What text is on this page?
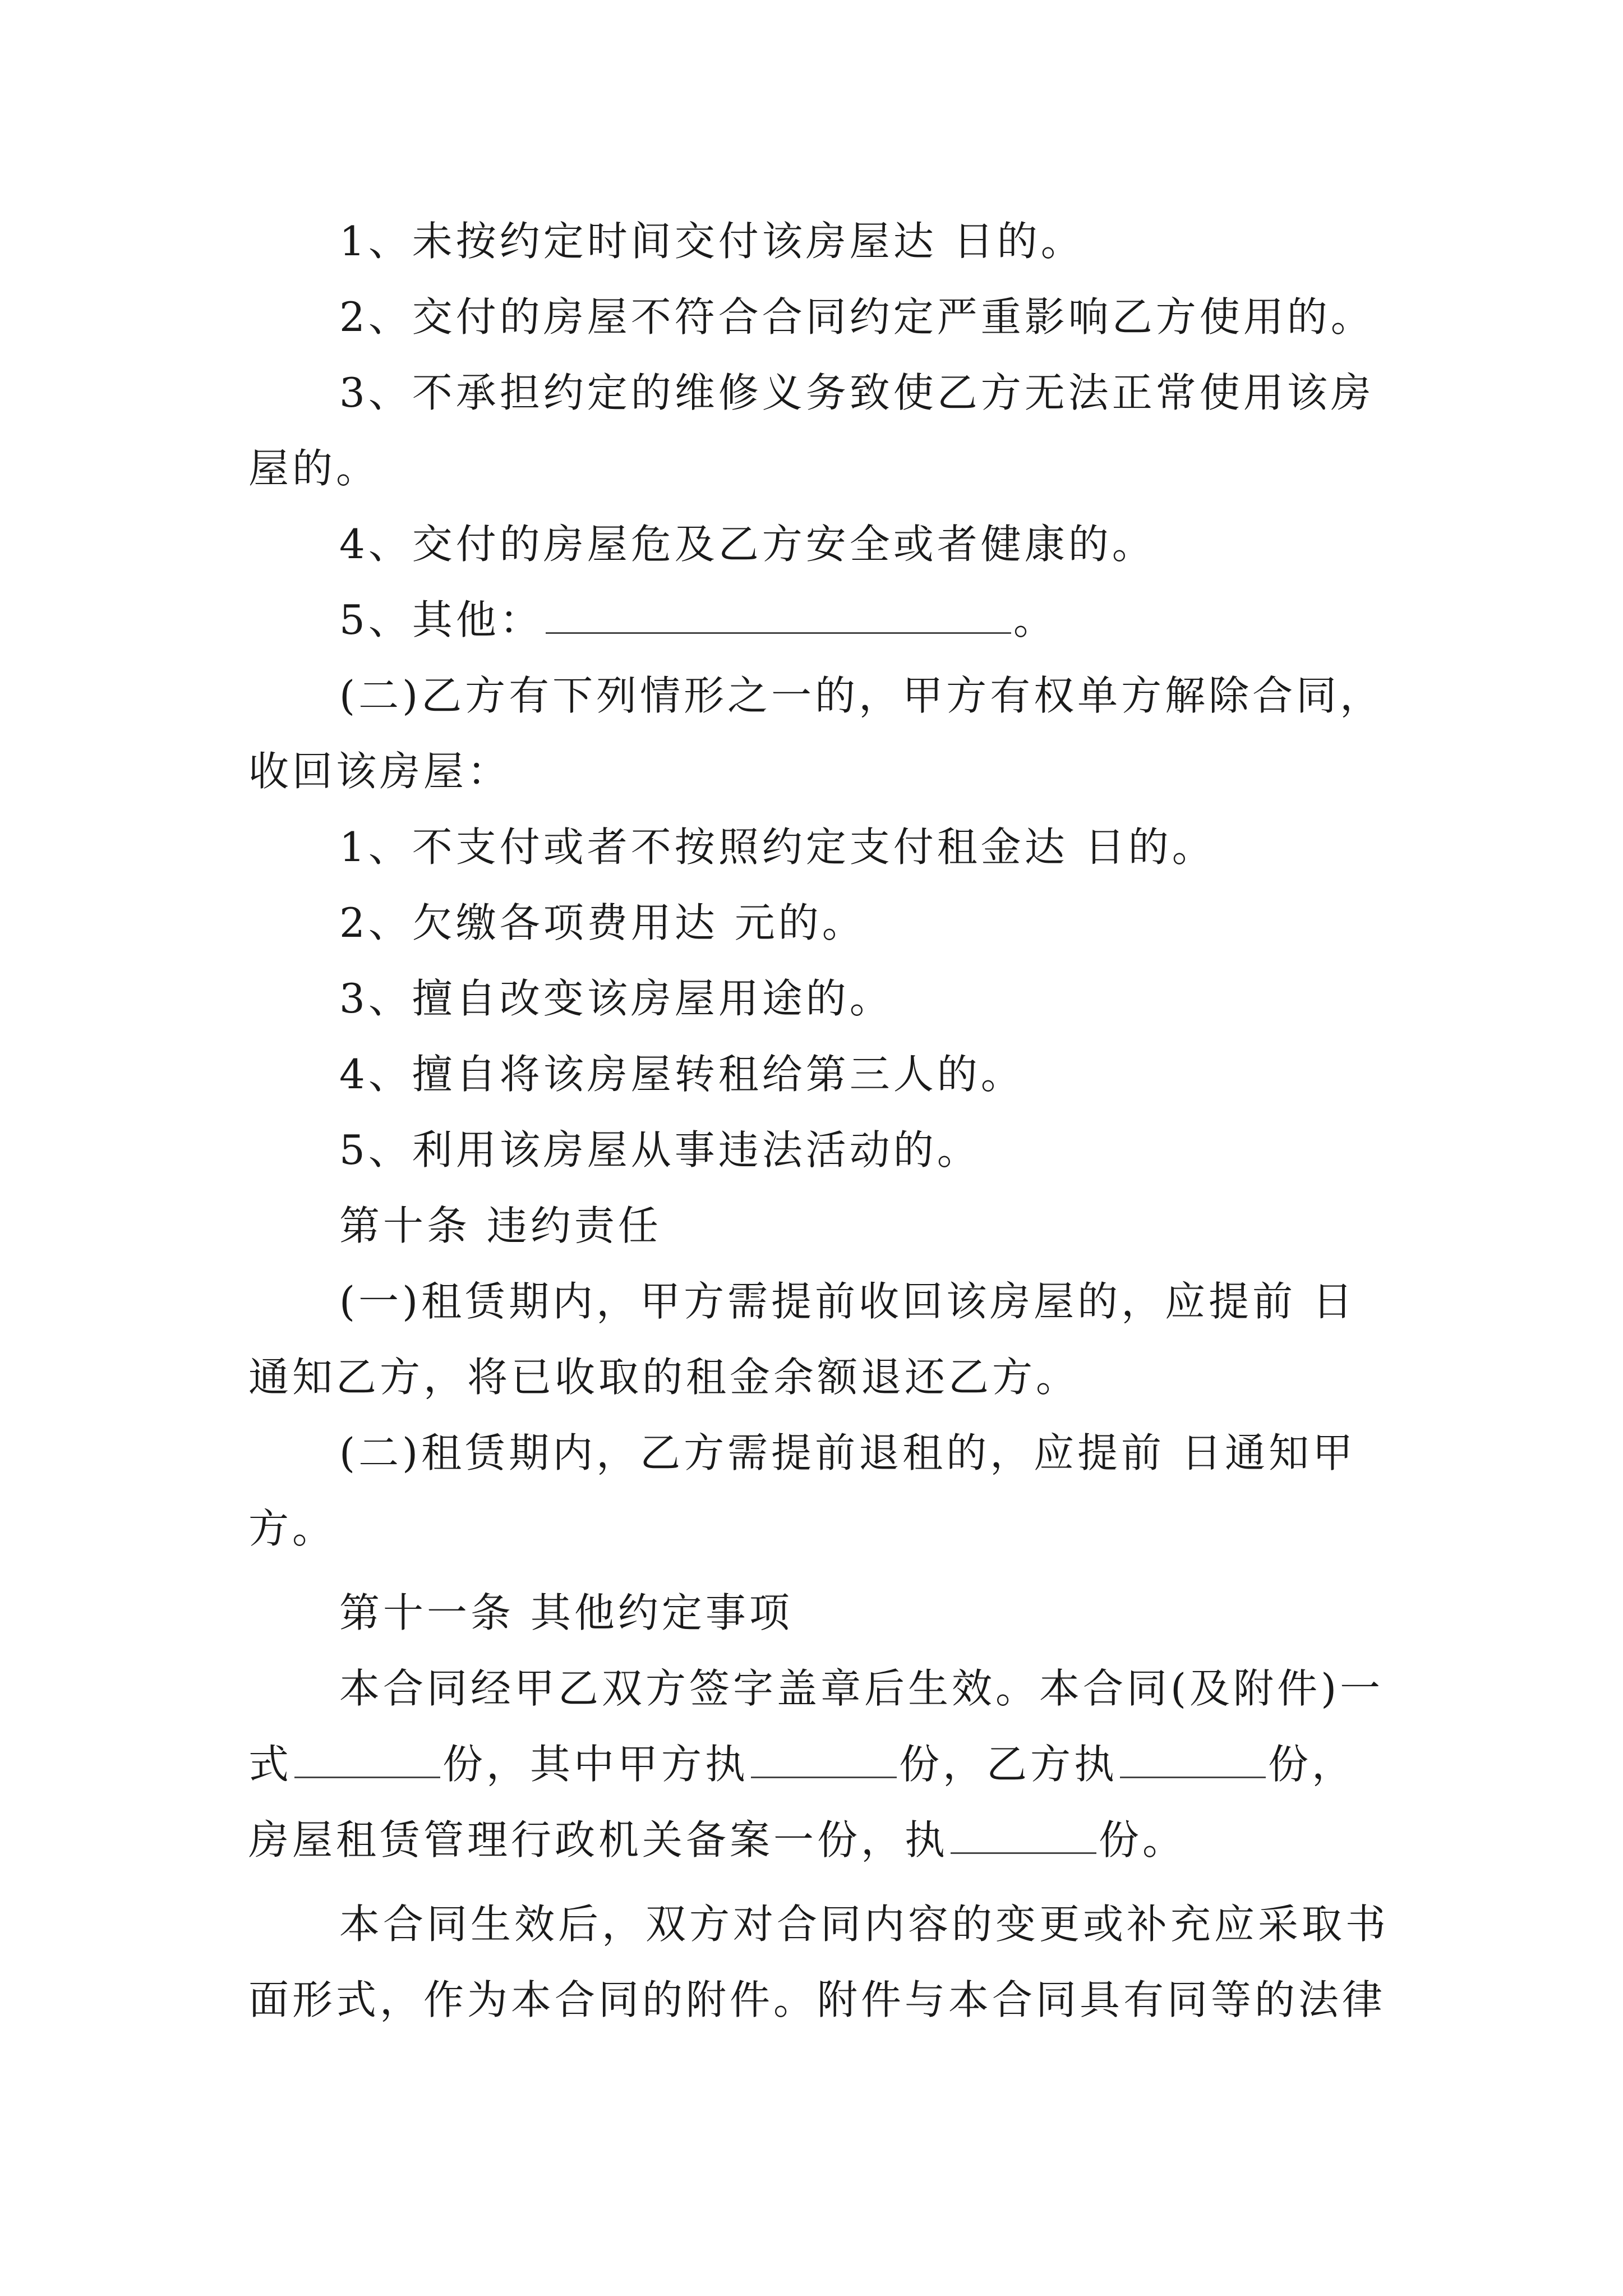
1、未按约定时间交付该房屋达 日的。
2、交付的房屋不符合合同约定严重影响乙方使用的。
3、不承担约定的维修义务致使乙方无法正常使用该房
屋的。
4、交付的房屋危及乙方安全或者健康的。
5、其他：	。
(二)乙方有下列情形之一的，甲方有权单方解除合同，
收回该房屋：
1、不支付或者不按照约定支付租金达 日的。
2、欠缴各项费用达 元的。
3、擅自改变该房屋用途的。
4、擅自将该房屋转租给第三人的。
5、利用该房屋从事违法活动的。
第十条 违约责任
(一)租赁期内，甲方需提前收回该房屋的，应提前 日
通知乙方，将已收取的租金余额退还乙方。
(二)租赁期内，乙方需提前退租的，应提前 日通知甲
方。
第十一条 其他约定事项
本合同经甲乙双方签字盖章后生效。本合同(及附件)一
式	份，其中甲方执	份，乙方执	份，
房屋租赁管理行政机关备案一份，执	份。
本合同生效后，双方对合同内容的变更或补充应采取书
面形式，作为本合同的附件。附件与本合同具有同等的法律
